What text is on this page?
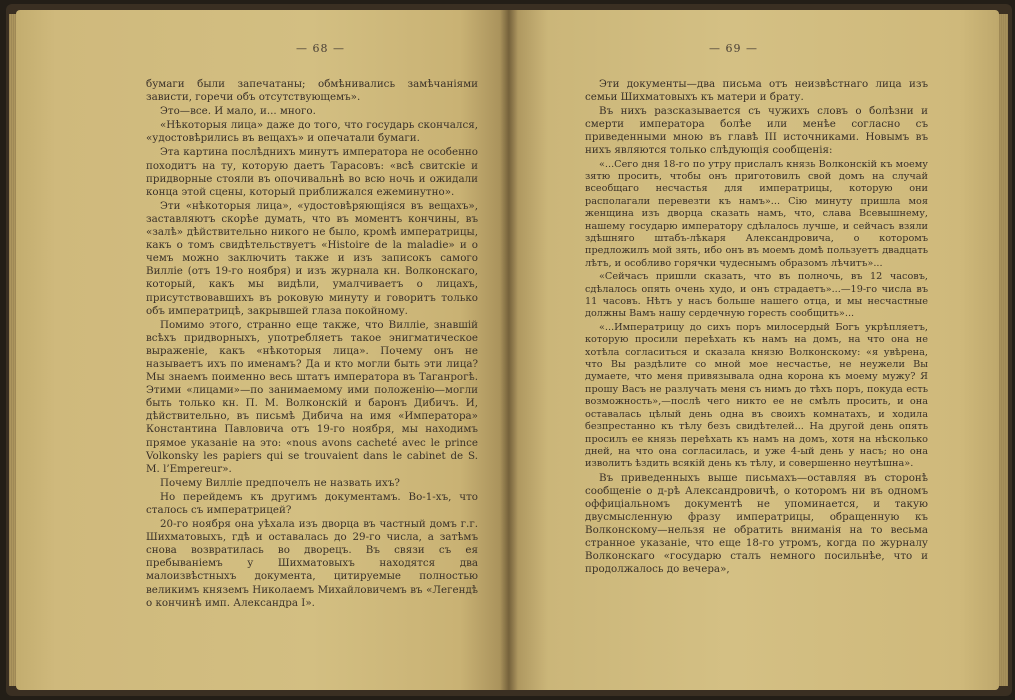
— 68 —

бумаги были запечатаны; обмѣнивались замѣчаніями зависти, горечи объ отсутствующемъ».

Это—все. И мало, и... много.

«Нѣкоторыя лица» даже до того, что государь скончался, «удостовѣрились въ вещахъ» и опечатали бумаги.

Эта картина послѣднихъ минутъ императора не особенно походитъ на ту, которую даетъ Тарасовъ: «всѣ свитскіе и придворные стояли въ опочивальнѣ во всю ночь и ожидали конца этой сцены, который приближался ежеминутно».

Эти «нѣкоторыя лица», «удостовѣряющіяся въ вещахъ», заставляютъ скорѣе думать, что въ моментъ кончины, въ «залѣ» дѣйствительно никого не было, кромѣ императрицы, какъ о томъ свидѣтельствуетъ «Histoire de la maladie» и о чемъ можно заключить также и изъ записокъ самого Вилліе (отъ 19-го ноября) и изъ журнала кн. Волконскаго, который, какъ мы видѣли, умалчиваетъ о лицахъ, присутствовавшихъ въ роковую минуту и говоритъ только объ императрицѣ, закрывшей глаза покойному.

Помимо этого, странно еще также, что Вилліе, знавшій всѣхъ придворныхъ, употребляетъ такое энигматическое выраженіе, какъ «нѣкоторыя лица». Почему онъ не называетъ ихъ по именамъ? Да и кто могли быть эти лица? Мы знаемъ поименно весь штатъ императора въ Таганрогѣ. Этими «лицами»—по занимаемому ими положенію—могли быть только кн. П. М. Волконскій и баронъ Дибичъ. И, дѣйствительно, въ письмѣ Дибича на имя «Императора» Константина Павловича отъ 19-го ноября, мы находимъ прямое указаніе на это: «nous avons cacheté avec le prince Volkonsky les papiers qui se trouvaient dans le cabinet de S. M. l’Empereur».

Почему Вилліе предпочелъ не назвать ихъ?

Но перейдемъ къ другимъ документамъ. Во-1-хъ, что сталось съ императрицей?

20-го ноября она уѣхала изъ дворца въ частный домъ г.г. Шихматовыхъ, гдѣ и оставалась до 29-го числа, а затѣмъ снова возвратилась во дворецъ. Въ связи съ ея пребываніемъ у Шихматовыхъ находятся два малоизвѣстныхъ документа, цитируемые полностью великимъ княземъ Николаемъ Михайловичемъ въ «Легендѣ о кончинѣ имп. Александра I».

— 69 —

Эти документы—два письма отъ неизвѣстнаго лица изъ семьи Шихматовыхъ къ матери и брату.

Въ нихъ разсказывается съ чужихъ словъ о болѣзни и смерти императора болѣе или менѣе согласно съ приведенными мною въ главѣ III источниками. Новымъ въ нихъ являются только слѣдующія сообщенія:

«...Сего дня 18-го по утру прислалъ князь Волконскій къ моему зятю просить, чтобы онъ приготовилъ свой домъ на случай всеобщаго несчастья для императрицы, которую они располагали перевезти къ намъ»... Сію минуту пришла моя женщина изъ дворца сказать намъ, что, слава Всевышнему, нашему государю императору сдѣлалось лучше, и сейчасъ взяли здѣшняго штабъ-лѣкаря Александровича, о которомъ предложилъ мой зять, ибо онъ въ моемъ домѣ пользуетъ двадцать лѣтъ, и особливо горячки чудеснымъ образомъ лѣчитъ»...

«Сейчасъ пришли сказать, что въ полночь, въ 12 часовъ, сдѣлалось опять очень худо, и онъ страдаетъ»...—19-го числа въ 11 часовъ. Нѣтъ у насъ больше нашего отца, и мы несчастные должны Вамъ нашу сердечную горесть сообщить»...

«...Императрицу до сихъ поръ милосердый Богъ укрѣпляетъ, которую просили переѣхать къ намъ на домъ, на что она не хотѣла согласиться и сказала князю Волконскому: «я увѣрена, что Вы раздѣлите со мной мое несчастье, не неужели Вы думаете, что меня привязывала одна корона къ моему мужу? Я прошу Васъ не разлучать меня съ нимъ до тѣхъ поръ, покуда есть возможность»,—послѣ чего никто ее не смѣлъ просить, и она оставалась цѣлый день одна въ своихъ комнатахъ, и ходила безпрестанно къ тѣлу безъ свидѣтелей... На другой день опять просилъ ее князь переѣхать къ намъ на домъ, хотя на нѣсколько дней, на что она согласилась, и уже 4-ый день у насъ; но она изволитъ ѣздить всякій день къ тѣлу, и совершенно неутѣшна».

Въ приведенныхъ выше письмахъ—оставляя въ сторонѣ сообщеніе о д-рѣ Александровичѣ, о которомъ ни въ одномъ оффиціальномъ документѣ не упоминается, и такую двусмысленную фразу императрицы, обращенную къ Волконскому—нельзя не обратить вниманія на то весьма странное указаніе, что еще 18-го утромъ, когда по журналу Волконскаго «государю сталъ немного посильнѣе, что и продолжалось до вечера»,
